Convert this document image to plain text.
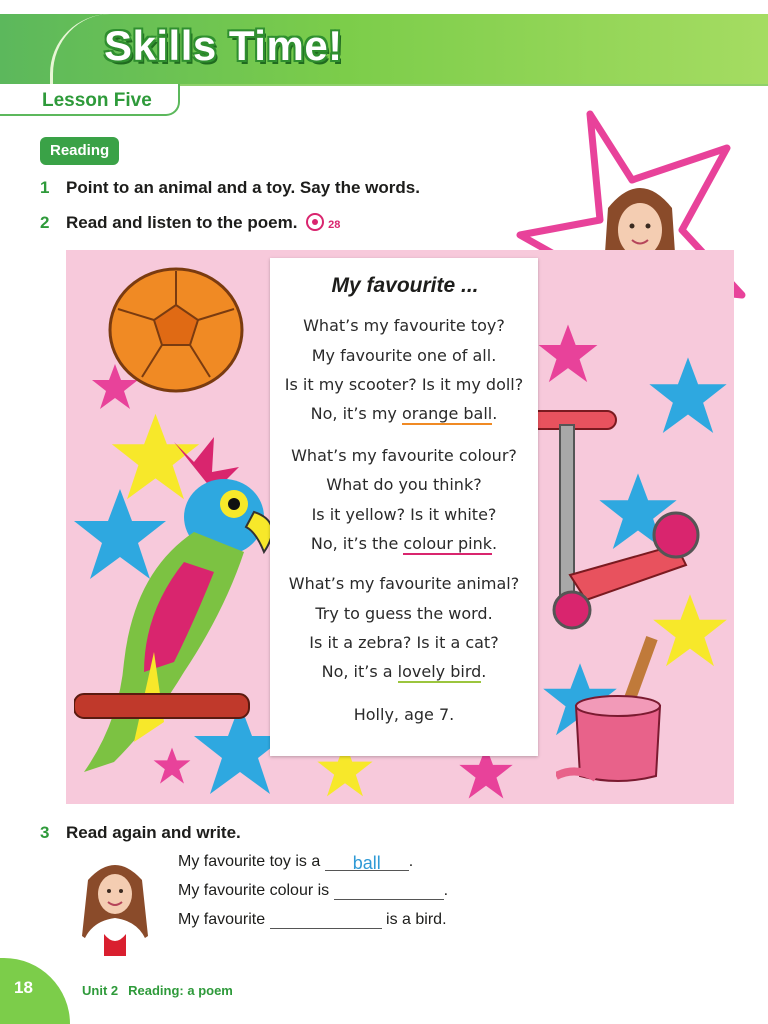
Skills Time!
Lesson Five
Reading
1 Point to an animal and a toy. Say the words.
2 Read and listen to the poem.	28
My favourite ...
What’s my favourite toy?
My favourite one of all.
Is it my scooter? Is it my doll?
No, it’s my orange ball.
What’s my favourite colour?
What do you think?
Is it yellow? Is it white?
No, it’s the colour pink.
What’s my favourite animal?
Try to guess the word.
Is it a zebra? Is it a cat?
No, it’s a lovely bird.
Holly, age 7.
3 Read again and write.
My favourite toy is a ball .
My favourite colour is	.
My favourite	is a bird.
18	Unit 2 Reading: a poem
